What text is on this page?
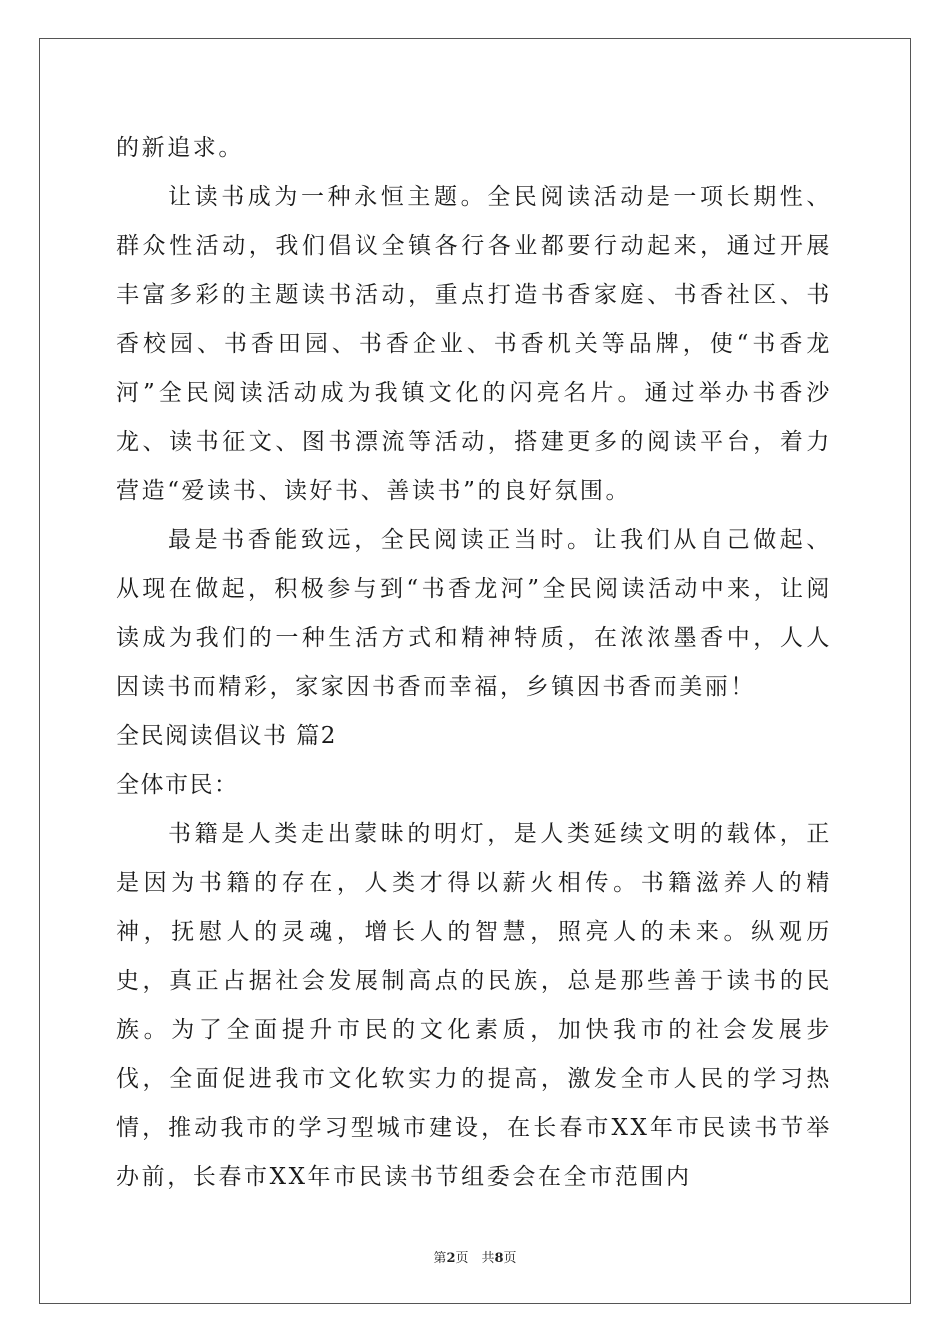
的新追求。

让读书成为一种永恒主题。全民阅读活动是一项长期性、群众性活动，我们倡议全镇各行各业都要行动起来，通过开展丰富多彩的主题读书活动，重点打造书香家庭、书香社区、书香校园、书香田园、书香企业、书香机关等品牌，使“书香龙河”全民阅读活动成为我镇文化的闪亮名片。通过举办书香沙龙、读书征文、图书漂流等活动，搭建更多的阅读平台，着力营造“爱读书、读好书、善读书”的良好氛围。

最是书香能致远，全民阅读正当时。让我们从自己做起、从现在做起，积极参与到“书香龙河”全民阅读活动中来，让阅读成为我们的一种生活方式和精神特质，在浓浓墨香中，人人因读书而精彩，家家因书香而幸福，乡镇因书香而美丽！

全民阅读倡议书 篇2

全体市民：

书籍是人类走出蒙昧的明灯，是人类延续文明的载体，正是因为书籍的存在，人类才得以薪火相传。书籍滋养人的精神，抚慰人的灵魂，增长人的智慧，照亮人的未来。纵观历史，真正占据社会发展制高点的民族，总是那些善于读书的民族。为了全面提升市民的文化素质，加快我市的社会发展步伐，全面促进我市文化软实力的提高，激发全市人民的学习热情，推动我市的学习型城市建设，在长春市XX年市民读书节举办前，长春市XX年市民读书节组委会在全市范围内

第2页　共8页
